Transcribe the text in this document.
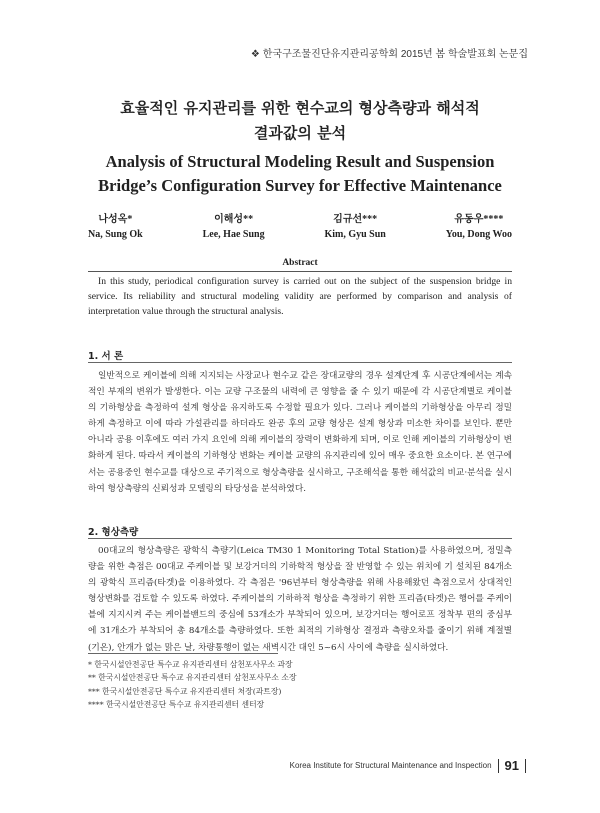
❖ 한국구조물진단유지관리공학회 2015년 봄 학술발표회 논문집
효율적인 유지관리를 위한 현수교의 형상측량과 해석적
결과값의 분석
Analysis of Structural Modeling Result and Suspension
Bridge’s Configuration Survey for Effective Maintenance
나성옥*
Na, Sung Ok
이해성**
Lee, Hae Sung
김규선***
Kim, Gyu Sun
유동우****
You, Dong Woo
Abstract
In this study, periodical configuration survey is carried out on the subject of the suspension bridge in service. Its reliability and structural modeling validity are performed by comparison and analysis of interpretation value through the structural analysis.
1. 서 론
일반적으로 케이블에 의해 지지되는 사장교나 현수교 같은 장대교량의 경우 설계단계 후 시공단계에서는 계속적인 부재의 변위가 발생한다. 이는 교량 구조물의 내력에 큰 영향을 줄 수 있기 때문에 각 시공단계별로 케이블의 기하형상을 측정하여 설계 형상을 유지하도록 수정할 필요가 있다. 그러나 케이블의 기하형상을 아무리 정밀하게 측정하고 이에 따라 가설관리를 하더라도 완공 후의 교량 형상은 설계 형상과 미소한 차이를 보인다. 뿐만 아니라 공용 이후에도 여러 가지 요인에 의해 케이블의 장력이 변화하게 되며, 이로 인해 케이블의 기하형상이 변화하게 된다. 따라서 케이블의 기하형상 변화는 케이블 교량의 유지관리에 있어 매우 중요한 요소이다. 본 연구에서는 공용중인 현수교를 대상으로 주기적으로 형상측량을 실시하고, 구조해석을 통한 해석값의 비교·분석을 실시하여 형상측량의 신뢰성과 모델링의 타당성을 분석하였다.
2. 형상측량
00대교의 형상측량은 광학식 측량기(Leica TM30 1 Monitoring Total Station)를 사용하였으며, 정밀측량을 위한 측점은 00대교 주케이블 및 보강거더의 기하학적 형상을 잘 반영할 수 있는 위치에 기 설치된 84개소의 광학식 프리즘(타겟)을 이용하였다. 각 측점은 '96년부터 형상측량을 위해 사용해왔던 측점으로서 상대적인 형상변화를 검토할 수 있도록 하였다. 주케이블의 기하하적 형상을 측정하기 위한 프리즘(타겟)은 행어를 주케이블에 지지시켜 주는 케이블밴드의 중심에 53개소가 부착되어 있으며, 보강거더는 행어로프 정착부 편의 중심부에 31개소가 부착되어 총 84개소를 측량하였다. 또한 최적의 기하형상 결정과 측량오차를 줄이기 위해 계절별(기온), 안개가 없는 맑은 날, 차량통행이 없는 새벽시간 대인 5~6시 사이에 측량을 실시하였다.
* 한국시설안전공단 특수교 유지관리센터 삼천포사무소 과장
** 한국시설안전공단 특수교 유지관리센터 삼천포사무소 소장
*** 한국시설안전공단 특수교 유지관리센터 처장(과트장)
**** 한국시설안전공단 특수교 유지관리센터 센터장
Korea Institute for Structural Maintenance and Inspection 91
